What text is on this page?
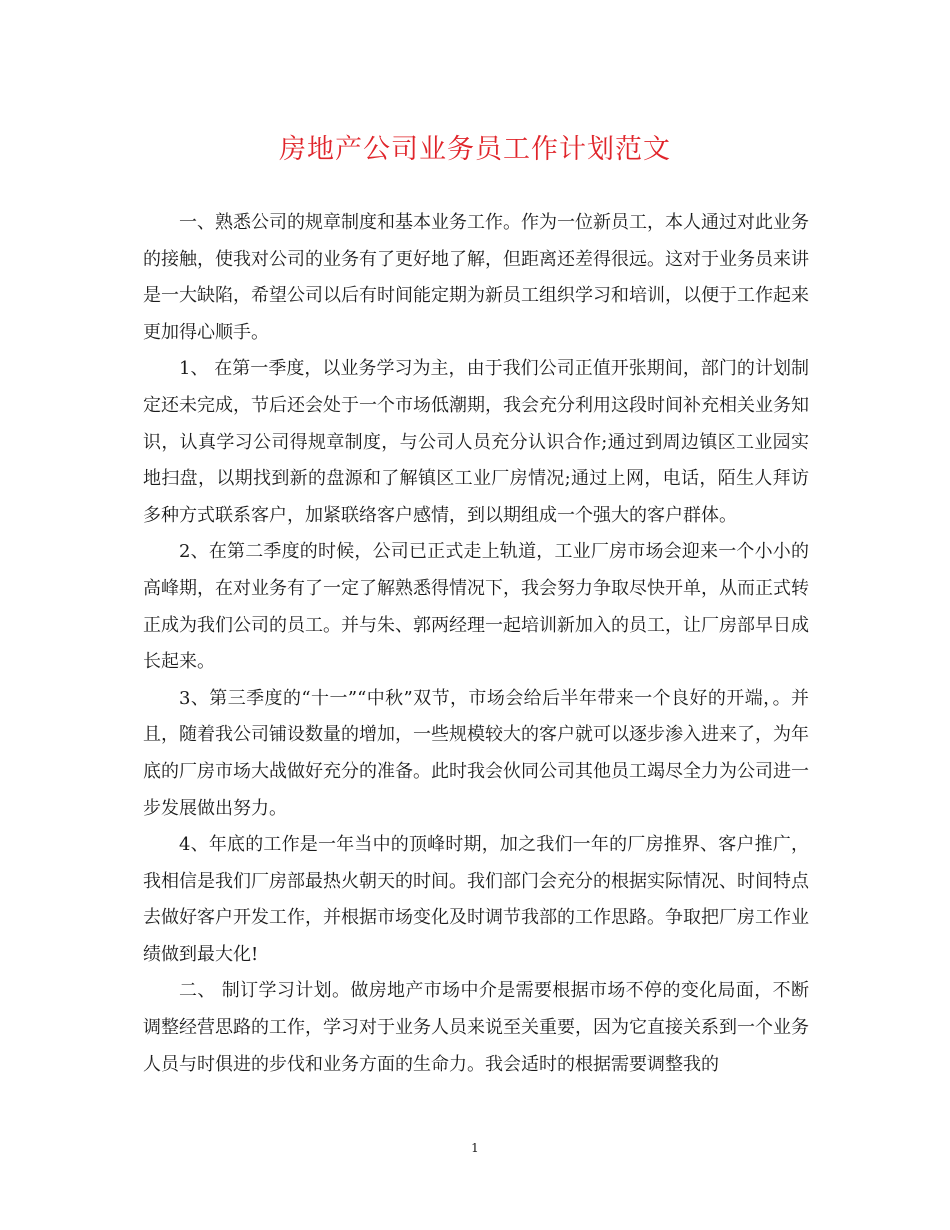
房地产公司业务员工作计划范文

一、熟悉公司的规章制度和基本业务工作。作为一位新员工，本人通过对此业务的接触，使我对公司的业务有了更好地了解，但距离还差得很远。这对于业务员来讲是一大缺陷，希望公司以后有时间能定期为新员工组织学习和培训，以便于工作起来更加得心顺手。

1、 在第一季度，以业务学习为主，由于我们公司正值开张期间，部门的计划制定还未完成，节后还会处于一个市场低潮期，我会充分利用这段时间补充相关业务知识，认真学习公司得规章制度，与公司人员充分认识合作;通过到周边镇区工业园实地扫盘，以期找到新的盘源和了解镇区工业厂房情况;通过上网，电话，陌生人拜访多种方式联系客户，加紧联络客户感情，到以期组成一个强大的客户群体。

2、在第二季度的时候，公司已正式走上轨道，工业厂房市场会迎来一个小小的高峰期，在对业务有了一定了解熟悉得情况下，我会努力争取尽快开单，从而正式转正成为我们公司的员工。并与朱、郭两经理一起培训新加入的员工，让厂房部早日成长起来。

3、第三季度的“十一”“中秋”双节，市场会给后半年带来一个良好的开端，。并且，随着我公司铺设数量的增加，一些规模较大的客户就可以逐步渗入进来了，为年底的厂房市场大战做好充分的准备。此时我会伙同公司其他员工竭尽全力为公司进一步发展做出努力。

4、年底的工作是一年当中的顶峰时期，加之我们一年的厂房推界、客户推广，我相信是我们厂房部最热火朝天的时间。我们部门会充分的根据实际情况、时间特点去做好客户开发工作，并根据市场变化及时调节我部的工作思路。争取把厂房工作业绩做到最大化!

二、 制订学习计划。做房地产市场中介是需要根据市场不停的变化局面，不断调整经营思路的工作，学习对于业务人员来说至关重要，因为它直接关系到一个业务人员与时俱进的步伐和业务方面的生命力。我会适时的根据需要调整我的

1
